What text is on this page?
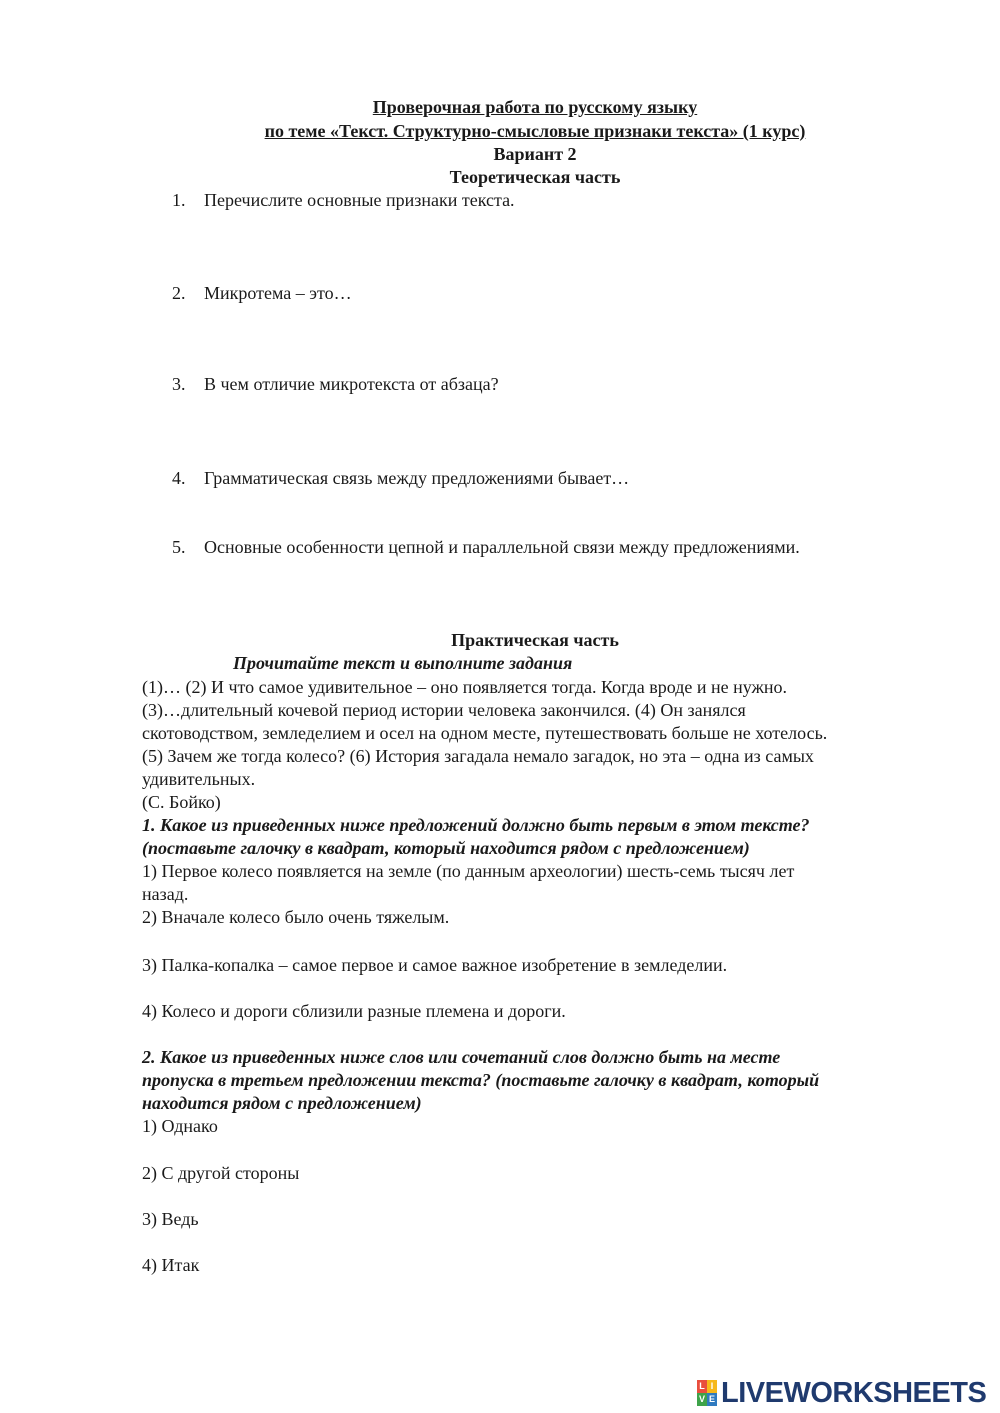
Проверочная работа по русскому языку
по теме «Текст. Структурно-смысловые признаки текста» (1 курс)
Вариант 2
Теоретическая часть
1. Перечислите основные признаки текста.
2. Микротема – это…
3. В чем отличие микротекста от абзаца?
4. Грамматическая связь между предложениями бывает…
5. Основные особенности цепной и параллельной связи между предложениями.
Практическая часть
Прочитайте текст и выполните задания
(1)… (2) И что самое удивительное – оно появляется тогда. Когда вроде и не нужно.
(3)…длительный кочевой период истории человека закончился. (4) Он занялся
скотоводством, земледелием и осел на одном месте, путешествовать больше не хотелось.
(5) Зачем же тогда колесо? (6) История загадала немало загадок, но эта – одна из самых
удивительных.
(С. Бойко)
1. Какое из приведенных ниже предложений должно быть первым в этом тексте?
(поставьте галочку в квадрат, который находится рядом с предложением)
1) Первое колесо появляется на земле (по данным археологии) шесть-семь тысяч лет
назад.
2) Вначале колесо было очень тяжелым.
3) Палка-копалка – самое первое и самое важное изобретение в земледелии.
4) Колесо и дороги сблизили разные племена и дороги.
2. Какое из приведенных ниже слов или сочетаний слов должно быть на месте
пропуска в третьем предложении текста? (поставьте галочку в квадрат, который
находится рядом с предложением)
1) Однако
2) С другой стороны
3) Ведь
4) Итак
L I
V E LIVEWORKSHEETS
